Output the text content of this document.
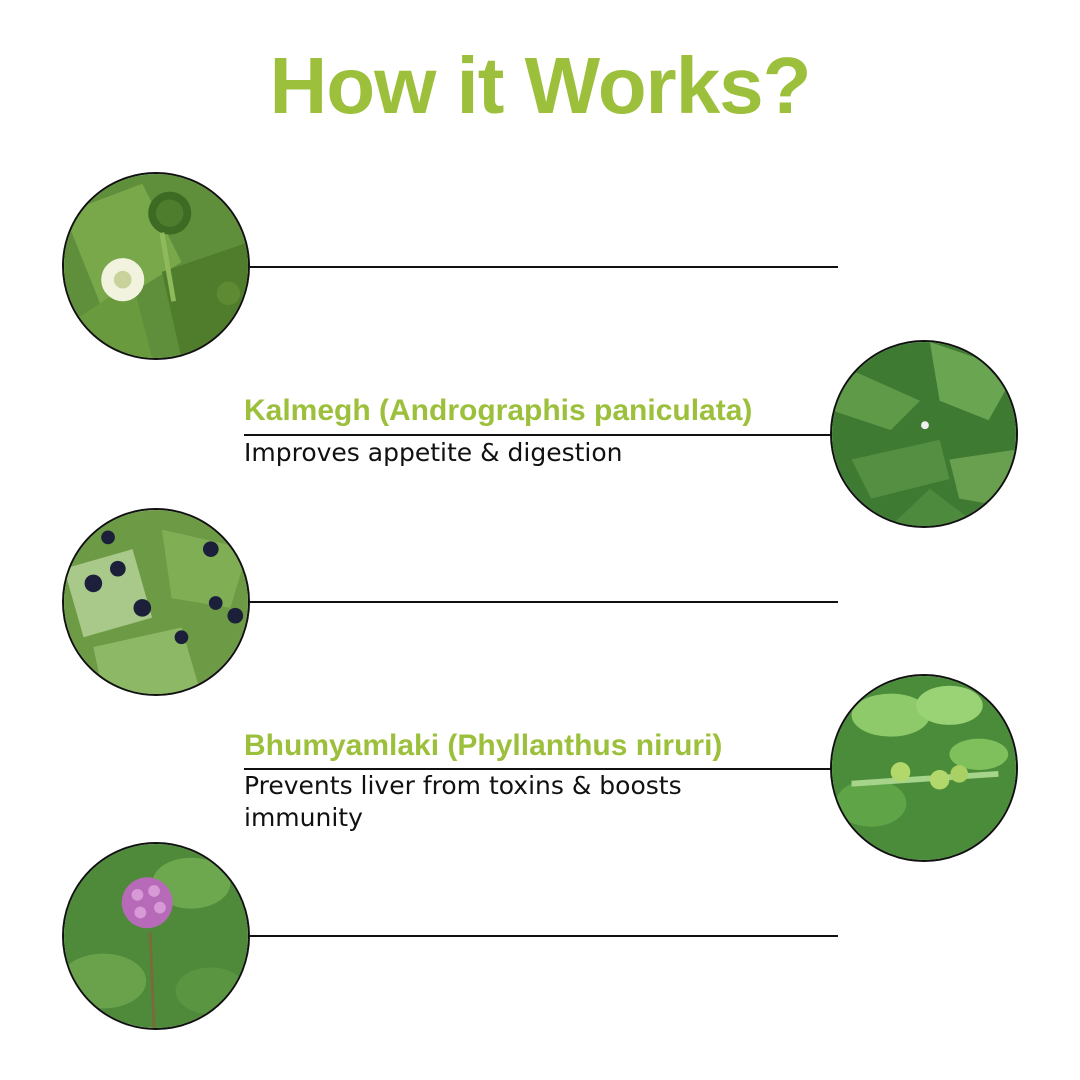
How it Works?
Kalmegh (Andrographis paniculata)
Improves appetite & digestion
Bhumyamlaki (Phyllanthus niruri)
Prevents liver from toxins & boosts
immunity
